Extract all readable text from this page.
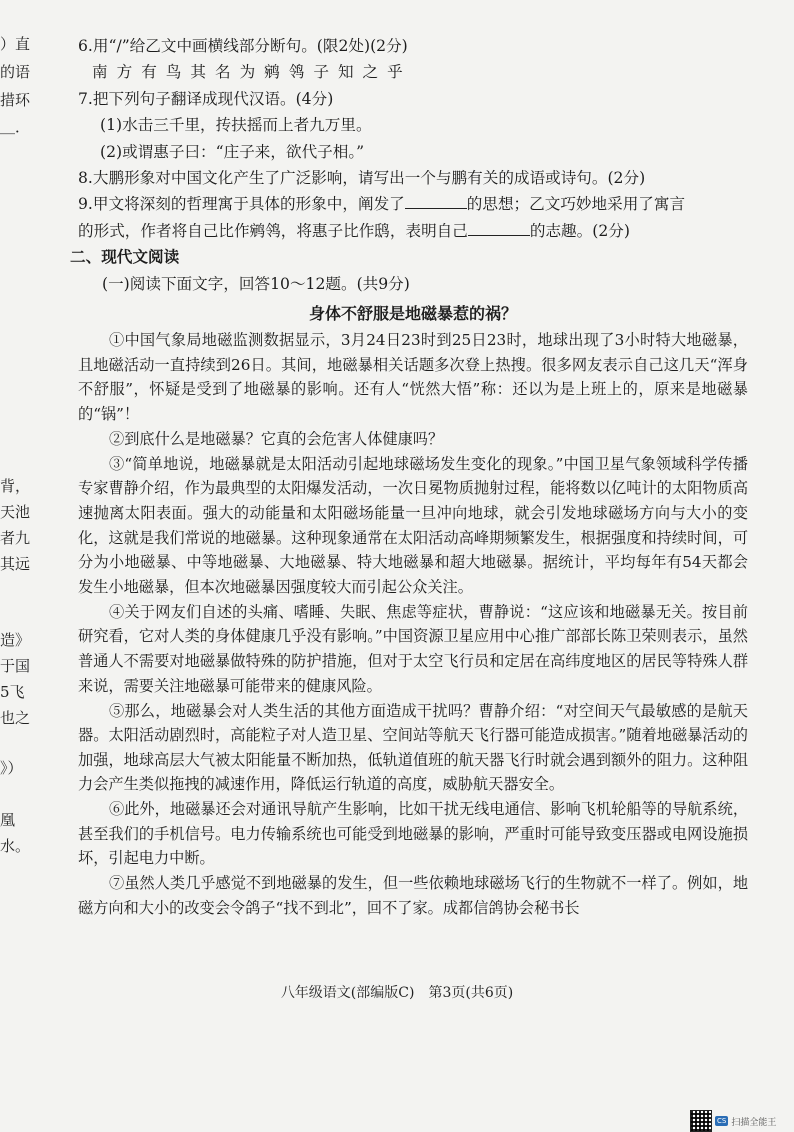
）直
的语
措环
＿．
背，
天池
者九
其远
造》
于国
5飞
也之
》）
凰
水。
6.用“/”给乙文中画横线部分断句。(限2处)(2分)
南方有鸟其名为鹓鸰子知之乎
7.把下列句子翻译成现代汉语。(4分)
(1)水击三千里，抟扶摇而上者九万里。
(2)或谓惠子曰：“庄子来，欲代子相。”
8.大鹏形象对中国文化产生了广泛影响，请写出一个与鹏有关的成语或诗句。(2分)
9.甲文将深刻的哲理寓于具体的形象中，阐发了	的思想；乙文巧妙地采用了寓言
的形式，作者将自己比作鹓鸰，将惠子比作鸱，表明自己	的志趣。(2分)
二、现代文阅读
(一)阅读下面文字，回答10～12题。(共9分)
身体不舒服是地磁暴惹的祸？

①中国气象局地磁监测数据显示，3月24日23时到25日23时，地球出现了3小时特大地磁暴，且地磁活动一直持续到26日。其间，地磁暴相关话题多次登上热搜。很多网友表示自己这几天“浑身不舒服”，怀疑是受到了地磁暴的影响。还有人“恍然大悟”称：还以为是上班上的，原来是地磁暴的“锅”！

②到底什么是地磁暴？它真的会危害人体健康吗？

③“简单地说，地磁暴就是太阳活动引起地球磁场发生变化的现象。”中国卫星气象领域科学传播专家曹静介绍，作为最典型的太阳爆发活动，一次日冕物质抛射过程，能将数以亿吨计的太阳物质高速抛离太阳表面。强大的动能量和太阳磁场能量一旦冲向地球，就会引发地球磁场方向与大小的变化，这就是我们常说的地磁暴。这种现象通常在太阳活动高峰期频繁发生，根据强度和持续时间，可分为小地磁暴、中等地磁暴、大地磁暴、特大地磁暴和超大地磁暴。据统计，平均每年有54天都会发生小地磁暴，但本次地磁暴因强度较大而引起公众关注。

④关于网友们自述的头痛、嗜睡、失眠、焦虑等症状，曹静说：“这应该和地磁暴无关。按目前研究看，它对人类的身体健康几乎没有影响。”中国资源卫星应用中心推广部部长陈卫荣则表示，虽然普通人不需要对地磁暴做特殊的防护措施，但对于太空飞行员和定居在高纬度地区的居民等特殊人群来说，需要关注地磁暴可能带来的健康风险。

⑤那么，地磁暴会对人类生活的其他方面造成干扰吗？曹静介绍：“对空间天气最敏感的是航天器。太阳活动剧烈时，高能粒子对人造卫星、空间站等航天飞行器可能造成损害。”随着地磁暴活动的加强，地球高层大气被太阳能量不断加热，低轨道值班的航天器飞行时就会遇到额外的阻力。这种阻力会产生类似拖拽的减速作用，降低运行轨道的高度，威胁航天器安全。

⑥此外，地磁暴还会对通讯导航产生影响，比如干扰无线电通信、影响飞机轮船等的导航系统，甚至我们的手机信号。电力传输系统也可能受到地磁暴的影响，严重时可能导致变压器或电网设施损坏，引起电力中断。

⑦虽然人类几乎感觉不到地磁暴的发生，但一些依赖地球磁场飞行的生物就不一样了。例如，地磁方向和大小的改变会令鸽子“找不到北”，回不了家。成都信鸽协会秘书长

八年级语文(部编版C)　第3页(共6页)
CS 扫描全能王
